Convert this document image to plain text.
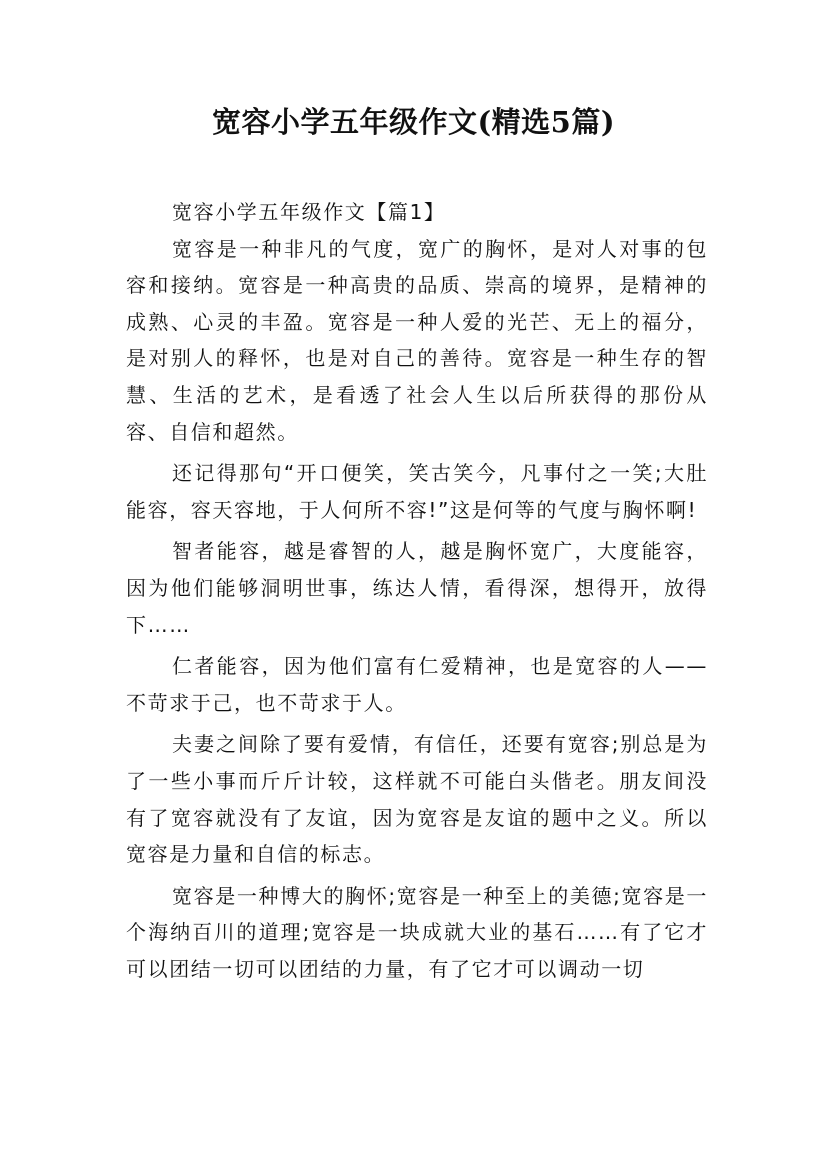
宽容小学五年级作文(精选5篇)
宽容小学五年级作文【篇1】

宽容是一种非凡的气度，宽广的胸怀，是对人对事的包容和接纳。宽容是一种高贵的品质、崇高的境界，是精神的成熟、心灵的丰盈。宽容是一种人爱的光芒、无上的福分，是对别人的释怀，也是对自己的善待。宽容是一种生存的智慧、生活的艺术，是看透了社会人生以后所获得的那份从容、自信和超然。

还记得那句“开口便笑，笑古笑今，凡事付之一笑;大肚能容，容天容地，于人何所不容!”这是何等的气度与胸怀啊!

智者能容，越是睿智的人，越是胸怀宽广，大度能容，因为他们能够洞明世事，练达人情，看得深，想得开，放得下……

仁者能容，因为他们富有仁爱精神，也是宽容的人——不苛求于己，也不苛求于人。

夫妻之间除了要有爱情，有信任，还要有宽容;别总是为了一些小事而斤斤计较，这样就不可能白头偕老。朋友间没有了宽容就没有了友谊，因为宽容是友谊的题中之义。所以宽容是力量和自信的标志。

宽容是一种博大的胸怀;宽容是一种至上的美德;宽容是一个海纳百川的道理;宽容是一块成就大业的基石……有了它才可以团结一切可以团结的力量，有了它才可以调动一切
